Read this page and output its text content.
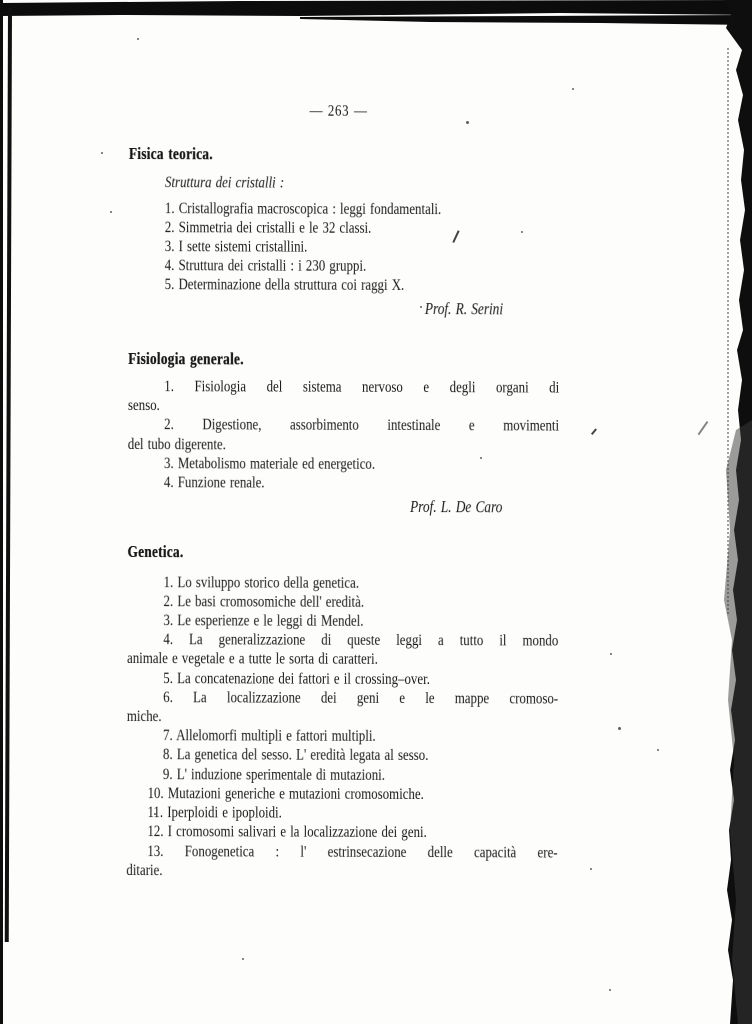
— 263 —
Fisica teorica.
Struttura dei cristalli :
1. Cristallografia macroscopica : leggi fondamentali.
2. Simmetria dei cristalli e le 32 classi.
3. I sette sistemi cristallini.
4. Struttura dei cristalli : i 230 gruppi.
5. Determinazione della struttura coi raggi X.
Prof. R. Serini
Fisiologia generale.
1. Fisiologia del sistema nervoso e degli organi di
senso.
2. Digestione, assorbimento intestinale e movimenti
del tubo digerente.
3. Metabolismo materiale ed energetico.
4. Funzione renale.
Prof. L. De Caro
Genetica.
1. Lo sviluppo storico della genetica.
2. Le basi cromosomiche dell' eredità.
3. Le esperienze e le leggi di Mendel.
4. La generalizzazione di queste leggi a tutto il mondo
animale e vegetale e a tutte le sorta di caratteri.
5. La concatenazione dei fattori e il crossing–over.
6. La localizzazione dei geni e le mappe cromoso-
miche.
7. Allelomorfi multipli e fattori multipli.
8. La genetica del sesso. L' eredità legata al sesso.
9. L' induzione sperimentale di mutazioni.
10. Mutazioni generiche e mutazioni cromosomiche.
11. Iperploidi e ipoploidi.
12. I cromosomi salivari e la localizzazione dei geni.
13. Fonogenetica : l' estrinsecazione delle capacità ere-
ditarie.
